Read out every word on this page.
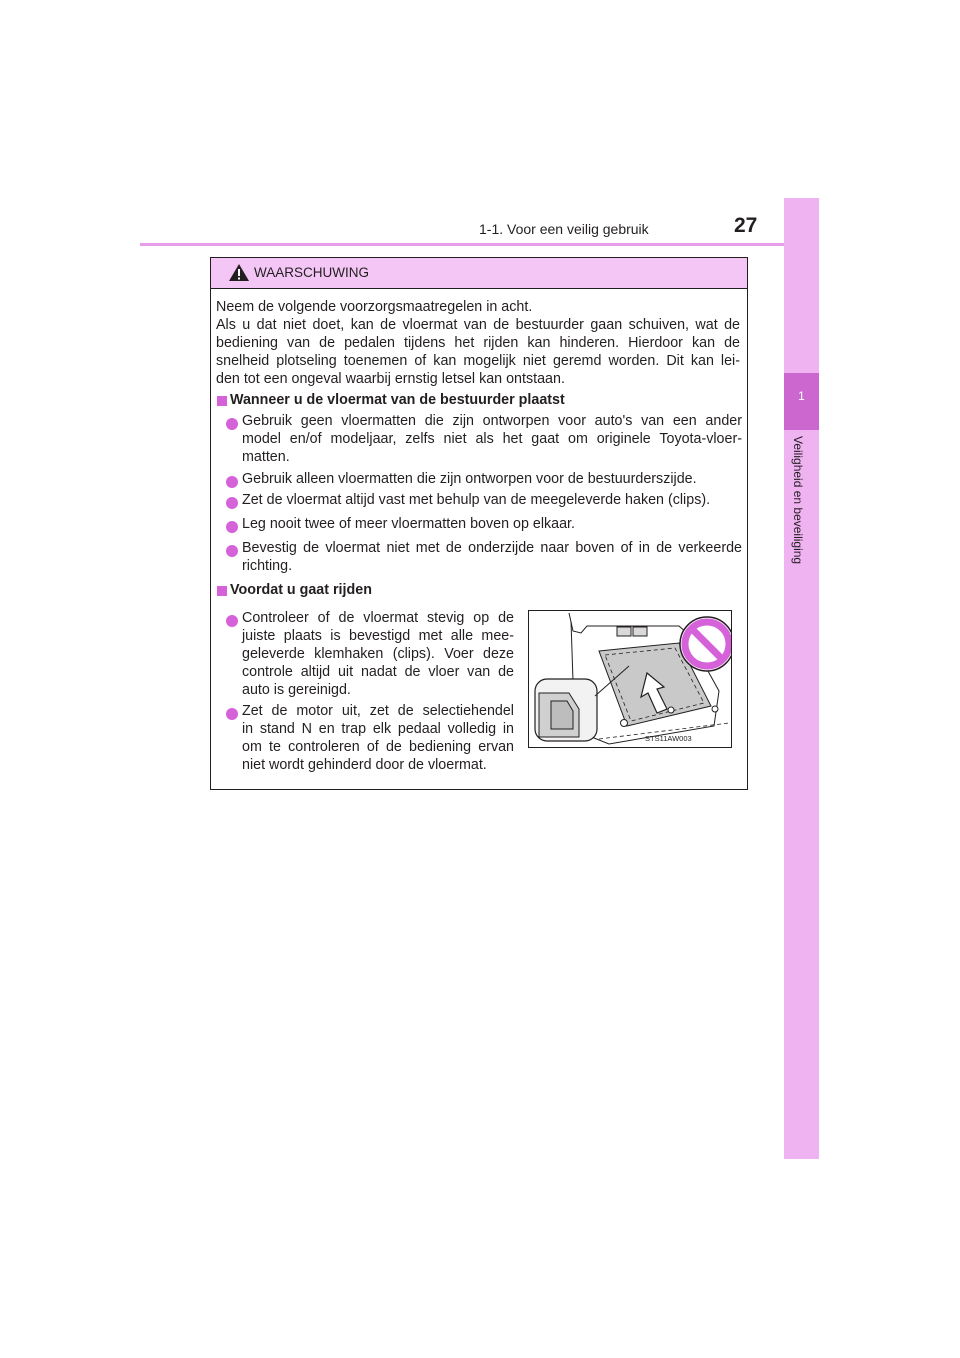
1-1. Voor een veilig gebruik	27
1
Veiligheid en beveiliging
WAARSCHUWING
Neem de volgende voorzorgsmaatregelen in acht.
Als u dat niet doet, kan de vloermat van de bestuurder gaan schuiven, wat de
bediening van de pedalen tijdens het rijden kan hinderen. Hierdoor kan de
snelheid plotseling toenemen of kan mogelijk niet geremd worden. Dit kan lei-
den tot een ongeval waarbij ernstig letsel kan ontstaan.
Wanneer u de vloermat van de bestuurder plaatst
Gebruik geen vloermatten die zijn ontworpen voor auto's van een ander
model en/of modeljaar, zelfs niet als het gaat om originele Toyota-vloer-
matten.
Gebruik alleen vloermatten die zijn ontworpen voor de bestuurderszijde.
Zet de vloermat altijd vast met behulp van de meegeleverde haken (clips).
Leg nooit twee of meer vloermatten boven op elkaar.
Bevestig de vloermat niet met de onderzijde naar boven of in de verkeerde
richting.
Voordat u gaat rijden
Controleer of de vloermat stevig op de
juiste plaats is bevestigd met alle mee-
geleverde klemhaken (clips). Voer deze
controle altijd uit nadat de vloer van de
auto is gereinigd.
Zet de motor uit, zet de selectiehendel
in stand N en trap elk pedaal volledig in
om te controleren of de bediening ervan
niet wordt gehinderd door de vloermat.
STS11AW003
